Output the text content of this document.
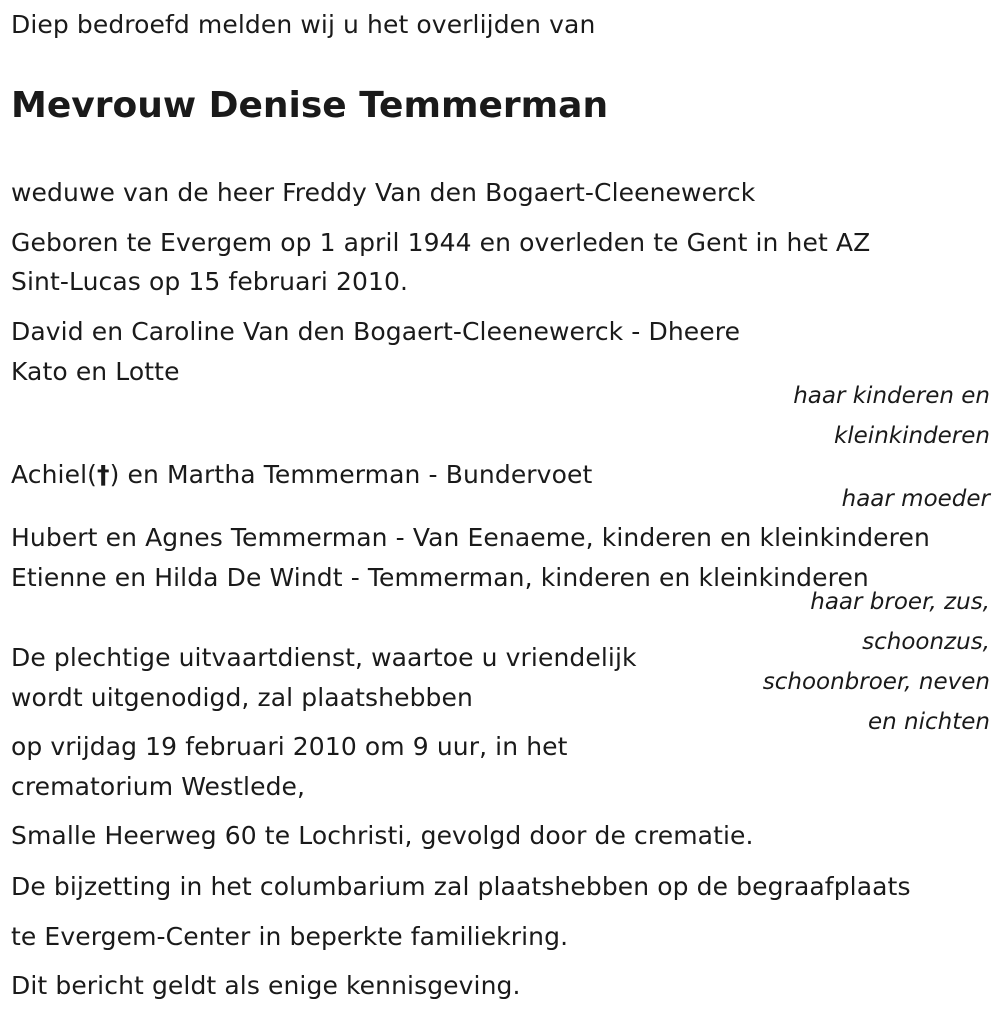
Diep bedroefd melden wij u het overlijden van
Mevrouw Denise Temmerman
weduwe van de heer Freddy Van den Bogaert-Cleenewerck
Geboren te Evergem op 1 april 1944 en overleden te Gent in het AZ
Sint-Lucas op 15 februari 2010.
David en Caroline Van den Bogaert-Cleenewerck - Dheere
Kato en Lotte
haar kinderen en
kleinkinderen
Achiel(†) en Martha Temmerman - Bundervoet
haar moeder
Hubert en Agnes Temmerman - Van Eenaeme, kinderen en kleinkinderen
Etienne en Hilda De Windt - Temmerman, kinderen en kleinkinderen
haar broer, zus,
schoonzus,
schoonbroer, neven
en nichten
De plechtige uitvaartdienst, waartoe u vriendelijk
wordt uitgenodigd, zal plaatshebben
op vrijdag 19 februari 2010 om 9 uur, in het
crematorium Westlede,
Smalle Heerweg 60 te Lochristi, gevolgd door de crematie.
De bijzetting in het columbarium zal plaatshebben op de begraafplaats
te Evergem-Center in beperkte familiekring.
Dit bericht geldt als enige kennisgeving.
